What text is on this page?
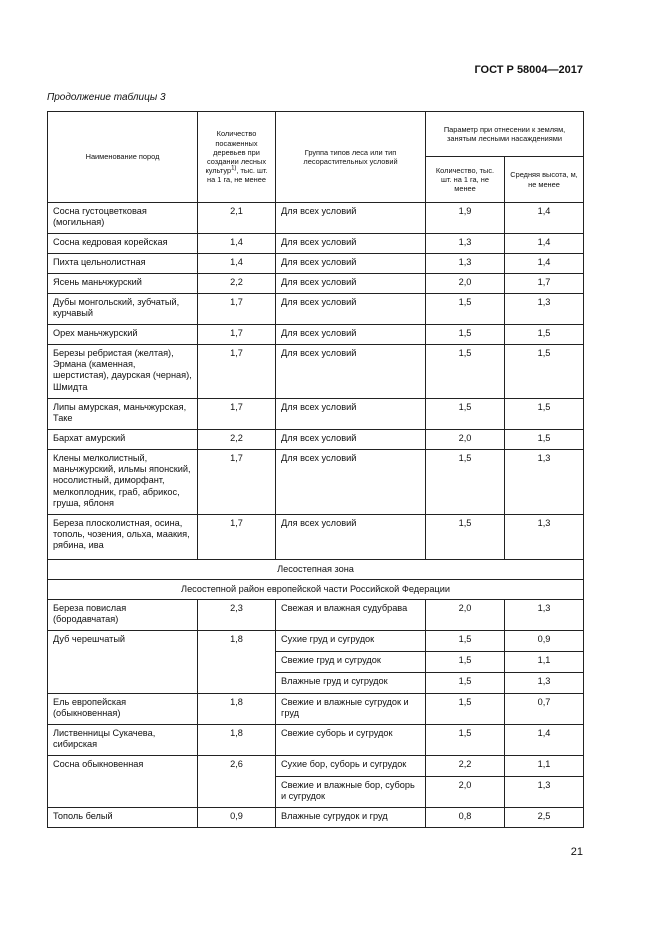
ГОСТ Р 58004—2017
Продолжение таблицы 3
Наименование пород	Количество посаженных деревьев при создании лесных культур$^{1)}$, тыс. шт. на 1 га, не менее	Группа типов леса или тип лесорастительных условий	Параметр при отнесении к землям, занятым лесными насаждениями	
			Количество, тыс. шт. на 1 га, не менее	Средняя высота, м, не менее
Сосна густоцветковая (могильная)	2,1	Для всех условий	1,9	1,4
Сосна кедровая корейская	1,4	Для всех условий	1,3	1,4
Пихта цельнолистная	1,4	Для всех условий	1,3	1,4
Ясень маньчжурский	2,2	Для всех условий	2,0	1,7
Дубы монгольский, зубчатый, курчавый	1,7	Для всех условий	1,5	1,3
Орех маньчжурский	1,7	Для всех условий	1,5	1,5
Березы ребристая (желтая), Эрмана (каменная, шерстистая), даурская (черная), Шмидта	1,7	Для всех условий	1,5	1,5
Липы амурская, маньчжурская, Таке	1,7	Для всех условий	1,5	1,5
Бархат амурский	2,2	Для всех условий	2,0	1,5
Клены мелколистный, маньчжурский, ильмы японский, носолистный, диморфант, мелкоплодник, граб, абрикос, груша, яблоня	1,7	Для всех условий	1,5	1,3
Береза плосколистная, осина, тополь, чозения, ольха, маакия, рябина, ива	1,7	Для всех условий	1,5	1,3
Лесостепная зона				
Лесостепной район европейской части Российской Федерации				
Береза повислая (бородавчатая)	2,3	Свежая и влажная судубрава	2,0	1,3
Дуб черешчатый	1,8	Сухие груд и сугрудок	1,5	0,9
		Свежие груд и сугрудок	1,5	1,1
		Влажные груд и сугрудок	1,5	1,3
Ель европейская (обыкновенная)	1,8	Свежие и влажные сугрудок и груд	1,5	0,7
Лиственницы Сукачева, сибирская	1,8	Свежие суборь и сугрудок	1,5	1,4
Сосна обыкновенная	2,6	Сухие бор, суборь и сугрудок	2,2	1,1
		Свежие и влажные бор, суборь и сугрудок	2,0	1,3
Тополь белый	0,9	Влажные сугрудок и груд	0,8	2,5
21
